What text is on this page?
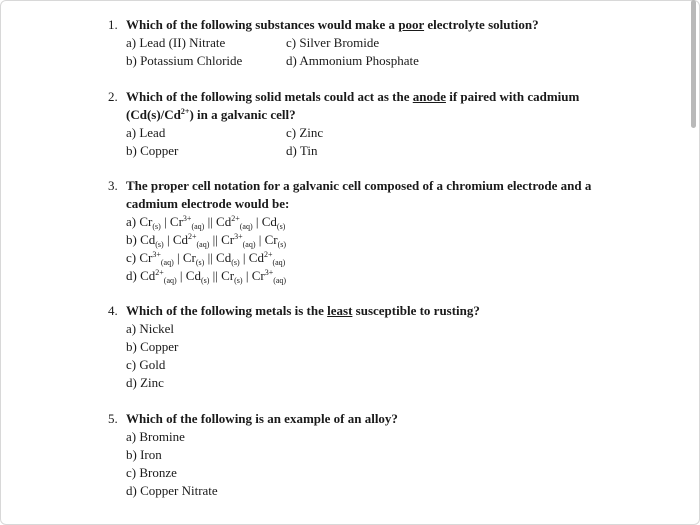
1. Which of the following substances would make a poor electrolyte solution?
a) Lead (II) Nitrate	c) Silver Bromide
b) Potassium Chloride	d) Ammonium Phosphate
2. Which of the following solid metals could act as the anode if paired with cadmium
$(Cd(s)/Cd^{2+})$ in a galvanic cell?
a) Lead	c) Zinc
b) Copper	d) Tin
3. The proper cell notation for a galvanic cell composed of a chromium electrode and a
cadmium electrode would be:
a) $Cr_{(s)}$ | $Cr^{3+}_{(aq)}$ || $Cd^{2+}_{(aq)}$ | $Cd_{(s)}$
b) $Cd_{(s)}$ | $Cd^{2+}_{(aq)}$ || $Cr^{3+}_{(aq)}$ | $Cr_{(s)}$
c) $Cr^{3+}_{(aq)}$ | $Cr_{(s)}$ || $Cd_{(s)}$ | $Cd^{2+}_{(aq)}$
d) $Cd^{2+}_{(aq)}$ | $Cd_{(s)}$ || $Cr_{(s)}$ | $Cr^{3+}_{(aq)}$
4. Which of the following metals is the least susceptible to rusting?
a) Nickel
b) Copper
c) Gold
d) Zinc
5. Which of the following is an example of an alloy?
a) Bromine
b) Iron
c) Bronze
d) Copper Nitrate
